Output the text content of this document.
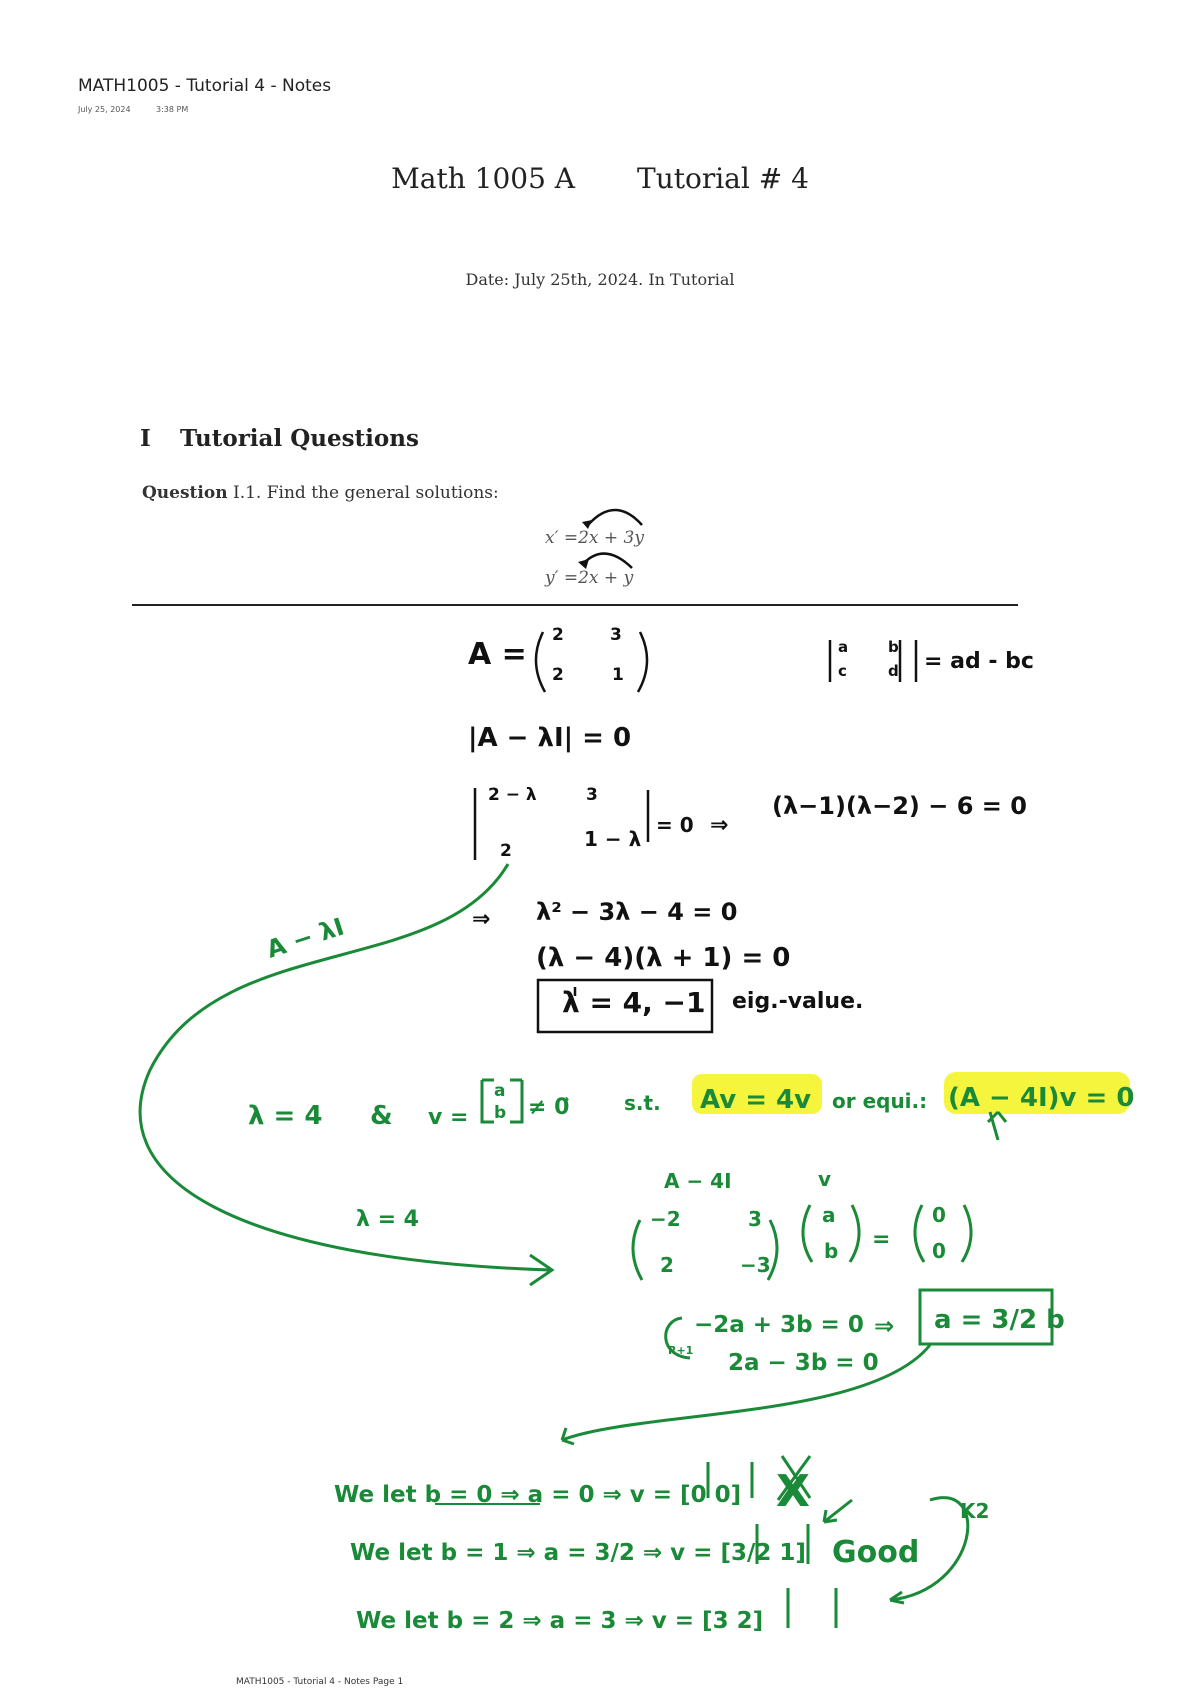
MATH1005 - Tutorial 4 - Notes
July 25, 2024	3:38 PM
Math 1005 A Tutorial # 4
Date: July 25th, 2024. In Tutorial
I Tutorial Questions
Question I.1. Find the general solutions:
x′ =2x + 3y
y′ =2x + y
A =
2	3
2	1
a	b
c	d = ad - bc
|A − λI| = 0
2 − λ	3
2	1 − λ
= 0 ⇒
(λ−1)(λ−2) − 6 = 0
⇒ λ² − 3λ − 4 = 0
(λ − 4)(λ + 1) = 0
λ = 4, −1 eig.-value.
A − λI
λ = 4 & v =
a
b ≠ 0⃗	s.t. Av = 4v or equi.: (A − 4I)v = 0
A − 4I	v
λ = 4	−2	3
2	−3
a
b =
0
0
−2a + 3b = 0
2a − 3b = 0
⇒
R+1
a = 3/2 b
We let b = 0 ⇒ a = 0 ⇒ v = [0 0]
We let b = 1 ⇒ a = 3/2 ⇒ v = [3/2 1]
We let b = 2 ⇒ a = 3 ⇒ v = [3 2]
X
Good
K2
MATH1005 - Tutorial 4 - Notes Page 1
